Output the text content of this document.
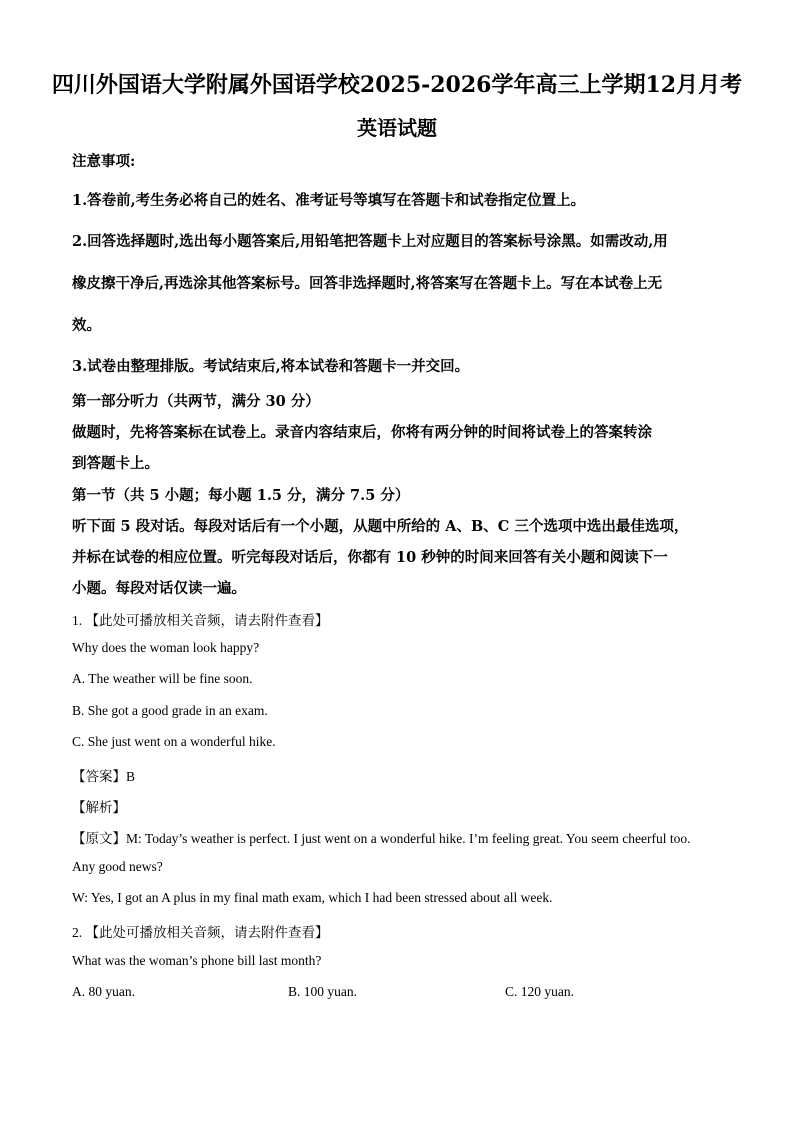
四川外国语大学附属外国语学校2025-2026学年高三上学期12月月考
英语试题
注意事项:
1.答卷前,考生务必将自己的姓名、准考证号等填写在答题卡和试卷指定位置上。
2.回答选择题时,选出每小题答案后,用铅笔把答题卡上对应题目的答案标号涂黑。如需改动,用
橡皮擦干净后,再选涂其他答案标号。回答非选择题时,将答案写在答题卡上。写在本试卷上无
效。
3.试卷由整理排版。考试结束后,将本试卷和答题卡一并交回。
第一部分听力（共两节，满分 30 分）
做题时，先将答案标在试卷上。录音内容结束后，你将有两分钟的时间将试卷上的答案转涂
到答题卡上。
第一节（共 5 小题；每小题 1.5 分，满分 7.5 分）
听下面 5 段对话。每段对话后有一个小题，从题中所给的 A、B、C 三个选项中选出最佳选项，
并标在试卷的相应位置。听完每段对话后，你都有 10 秒钟的时间来回答有关小题和阅读下一
小题。每段对话仅读一遍。
1. 【此处可播放相关音频，请去附件查看】
Why does the woman look happy?
A. The weather will be fine soon.
B. She got a good grade in an exam.
C. She just went on a wonderful hike.
【答案】B
【解析】
【原文】M: Today’s weather is perfect. I just went on a wonderful hike. I’m feeling great. You seem cheerful too.
Any good news?
W: Yes, I got an A plus in my final math exam, which I had been stressed about all week.
2. 【此处可播放相关音频，请去附件查看】
What was the woman’s phone bill last month?
A. 80 yuan.	B. 100 yuan.	C. 120 yuan.
